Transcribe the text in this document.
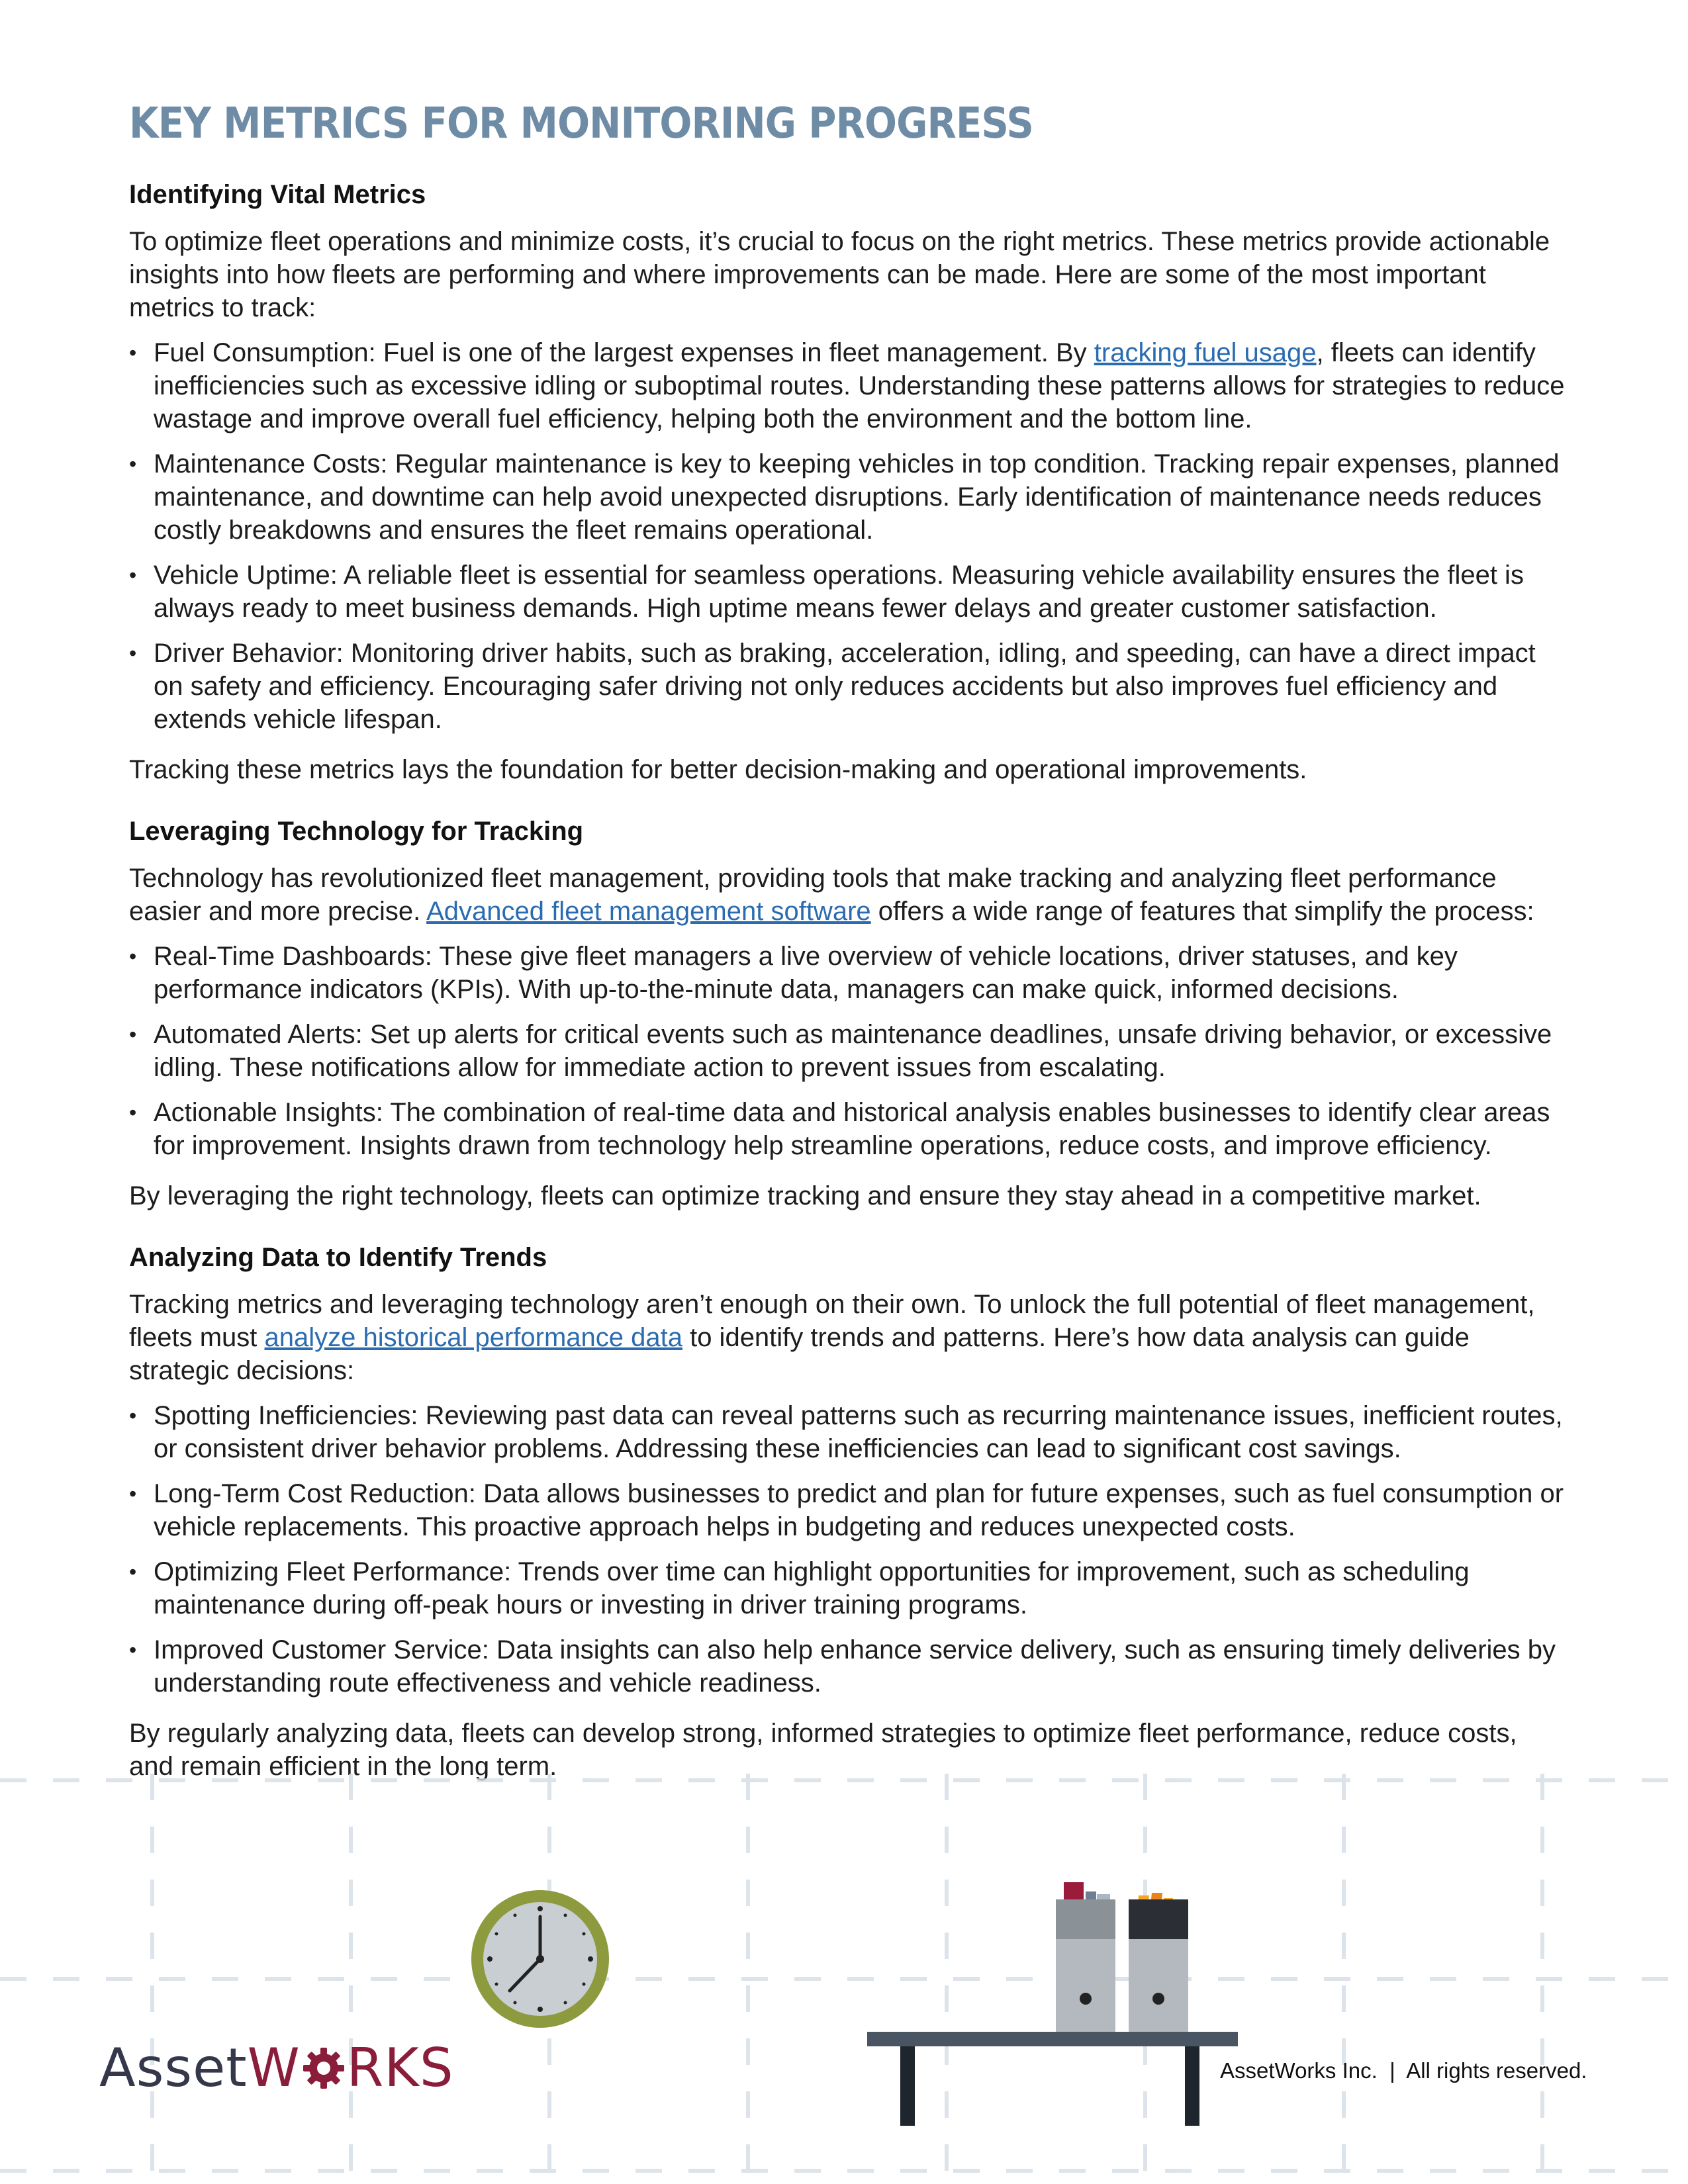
KEY METRICS FOR MONITORING PROGRESS
Identifying Vital Metrics

To optimize fleet operations and minimize costs, it’s crucial to focus on the right metrics. These metrics provide actionable insights into how fleets are performing and where improvements can be made. Here are some of the most important metrics to track:

• Fuel Consumption: Fuel is one of the largest expenses in fleet management. By tracking fuel usage, fleets can identify inefficiencies such as excessive idling or suboptimal routes. Understanding these patterns allows for strategies to reduce wastage and improve overall fuel efficiency, helping both the environment and the bottom line.
• Maintenance Costs: Regular maintenance is key to keeping vehicles in top condition. Tracking repair expenses, planned maintenance, and downtime can help avoid unexpected disruptions. Early identification of maintenance needs reduces costly breakdowns and ensures the fleet remains operational.
• Vehicle Uptime: A reliable fleet is essential for seamless operations. Measuring vehicle availability ensures the fleet is always ready to meet business demands. High uptime means fewer delays and greater customer satisfaction.
• Driver Behavior: Monitoring driver habits, such as braking, acceleration, idling, and speeding, can have a direct impact on safety and efficiency. Encouraging safer driving not only reduces accidents but also improves fuel efficiency and extends vehicle lifespan.

Tracking these metrics lays the foundation for better decision-making and operational improvements.

Leveraging Technology for Tracking

Technology has revolutionized fleet management, providing tools that make tracking and analyzing fleet performance easier and more precise. Advanced fleet management software offers a wide range of features that simplify the process:

• Real-Time Dashboards: These give fleet managers a live overview of vehicle locations, driver statuses, and key performance indicators (KPIs). With up-to-the-minute data, managers can make quick, informed decisions.
• Automated Alerts: Set up alerts for critical events such as maintenance deadlines, unsafe driving behavior, or excessive idling. These notifications allow for immediate action to prevent issues from escalating.
• Actionable Insights: The combination of real-time data and historical analysis enables businesses to identify clear areas for improvement. Insights drawn from technology help streamline operations, reduce costs, and improve efficiency.

By leveraging the right technology, fleets can optimize tracking and ensure they stay ahead in a competitive market.

Analyzing Data to Identify Trends

Tracking metrics and leveraging technology aren’t enough on their own. To unlock the full potential of fleet management, fleets must analyze historical performance data to identify trends and patterns. Here’s how data analysis can guide strategic decisions:

• Spotting Inefficiencies: Reviewing past data can reveal patterns such as recurring maintenance issues, inefficient routes, or consistent driver behavior problems. Addressing these inefficiencies can lead to significant cost savings.
• Long-Term Cost Reduction: Data allows businesses to predict and plan for future expenses, such as fuel consumption or vehicle replacements. This proactive approach helps in budgeting and reduces unexpected costs.
• Optimizing Fleet Performance: Trends over time can highlight opportunities for improvement, such as scheduling maintenance during off-peak hours or investing in driver training programs.
• Improved Customer Service: Data insights can also help enhance service delivery, such as ensuring timely deliveries by understanding route effectiveness and vehicle readiness.

By regularly analyzing data, fleets can develop strong, informed strategies to optimize fleet performance, reduce costs, and remain efficient in the long term.

Asset W RKS	AssetWorks Inc.  |  All rights reserved.
